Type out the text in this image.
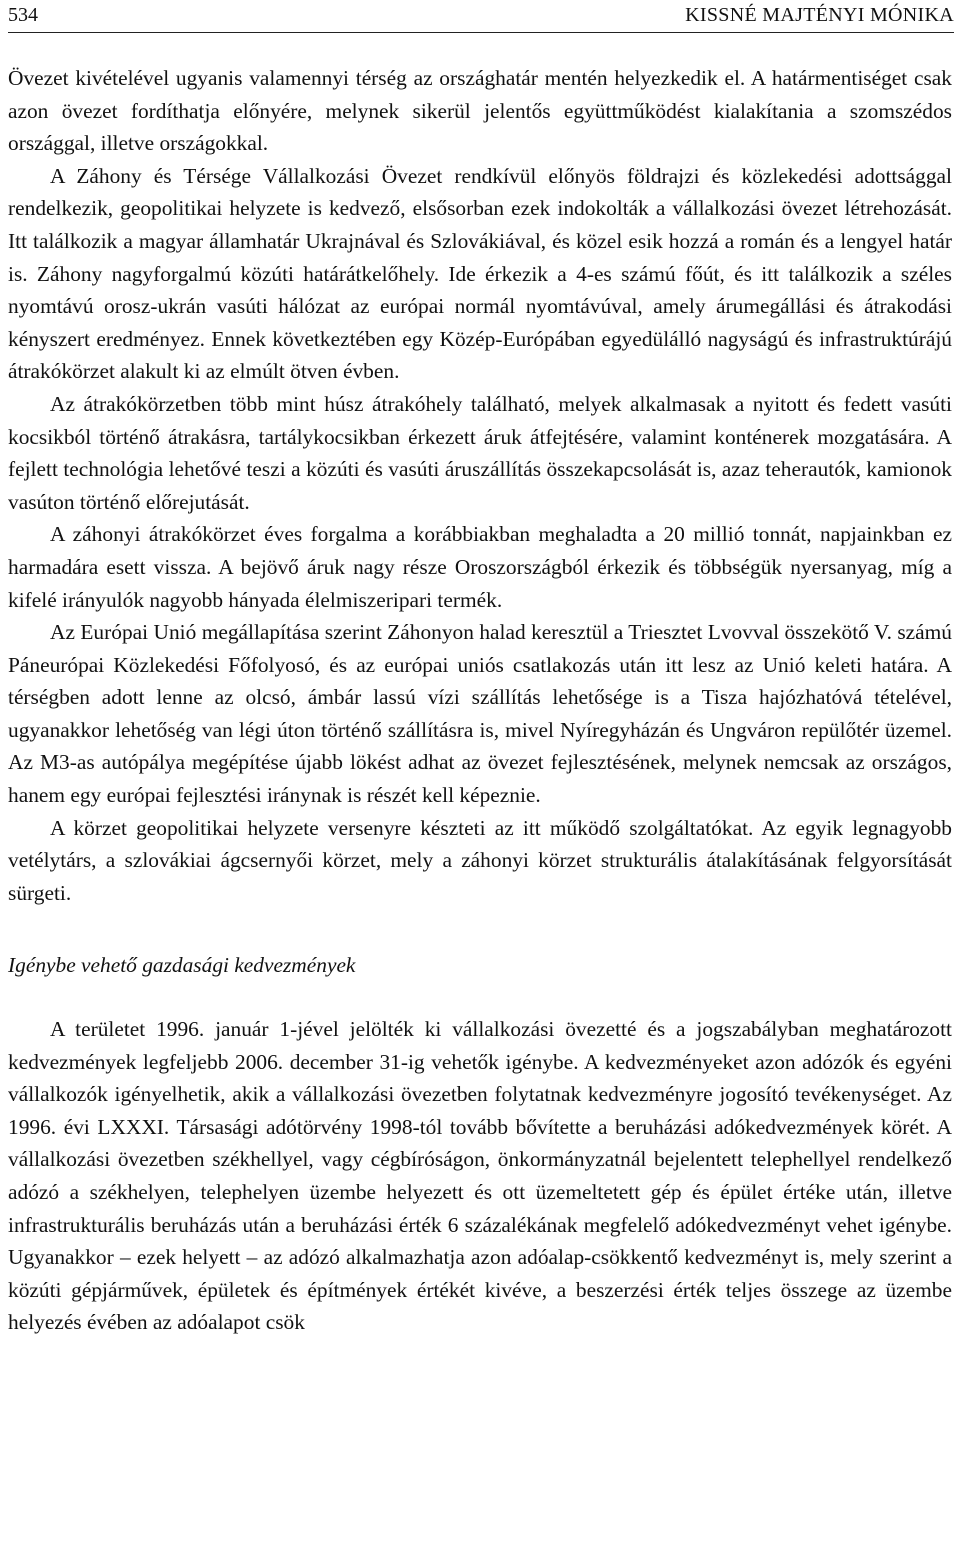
534	KISSNÉ MAJTÉNYI MÓNIKA

Övezet kivételével ugyanis valamennyi térség az országhatár mentén helyezkedik el. A határmentiséget csak azon övezet fordíthatja előnyére, melynek sikerül jelentős együttműködést kialakítania a szomszédos országgal, illetve országokkal.

A Záhony és Térsége Vállalkozási Övezet rendkívül előnyös földrajzi és közlekedési adottsággal rendelkezik, geopolitikai helyzete is kedvező, elsősorban ezek indokolták a vállalkozási övezet létrehozását. Itt találkozik a magyar államhatár Ukrajnával és Szlovákiával, és közel esik hozzá a román és a lengyel határ is. Záhony nagyforgalmú közúti határátkelőhely. Ide érkezik a 4-es számú főút, és itt találkozik a széles nyomtávú orosz-ukrán vasúti hálózat az európai normál nyomtávúval, amely árumegállási és átrakodási kényszert eredményez. Ennek következtében egy Közép-Európában egyedülálló nagyságú és infrastruktúrájú átrakókörzet alakult ki az elmúlt ötven évben.

Az átrakókörzetben több mint húsz átrakóhely található, melyek alkalmasak a nyitott és fedett vasúti kocsikból történő átrakásra, tartálykocsikban érkezett áruk átfejtésére, valamint konténerek mozgatására. A fejlett technológia lehetővé teszi a közúti és vasúti áruszállítás összekapcsolását is, azaz teherautók, kamionok vasúton történő előrejutását.

A záhonyi átrakókörzet éves forgalma a korábbiakban meghaladta a 20 millió tonnát, napjainkban ez harmadára esett vissza. A bejövő áruk nagy része Oroszországból érkezik és többségük nyersanyag, míg a kifelé irányulók nagyobb hányada élelmiszeripari termék.

Az Európai Unió megállapítása szerint Záhonyon halad keresztül a Triesztet Lvovval összekötő V. számú Páneurópai Közlekedési Főfolyosó, és az európai uniós csatlakozás után itt lesz az Unió keleti határa. A térségben adott lenne az olcsó, ámbár lassú vízi szállítás lehetősége is a Tisza hajózhatóvá tételével, ugyanakkor lehetőség van légi úton történő szállításra is, mivel Nyíregyházán és Ungváron repülőtér üzemel. Az M3-as autópálya megépítése újabb lökést adhat az övezet fejlesztésének, melynek nemcsak az országos, hanem egy európai fejlesztési iránynak is részét kell képeznie.

A körzet geopolitikai helyzete versenyre készteti az itt működő szolgáltatókat. Az egyik legnagyobb vetélytárs, a szlovákiai ágcsernyői körzet, mely a záhonyi körzet strukturális átalakításának felgyorsítását sürgeti.

Igénybe vehető gazdasági kedvezmények

A területet 1996. január 1-jével jelölték ki vállalkozási övezetté és a jogszabályban meghatározott kedvezmények legfeljebb 2006. december 31-ig vehetők igénybe. A kedvezményeket azon adózók és egyéni vállalkozók igényelhetik, akik a vállalkozási övezetben folytatnak kedvezményre jogosító tevékenységet. Az 1996. évi LXXXI. Társasági adótörvény 1998-tól tovább bővítette a beruházási adókedvezmények körét. A vállalkozási övezetben székhellyel, vagy cégbíróságon, önkormányzatnál bejelentett telephellyel rendelkező adózó a székhelyen, telephelyen üzembe helyezett és ott üzemeltetett gép és épület értéke után, illetve infrastrukturális beruházás után a beruházási érték 6 százalékának megfelelő adókedvezményt vehet igénybe. Ugyanakkor – ezek helyett – az adózó alkalmazhatja azon adóalap-csökkentő kedvezményt is, mely szerint a közúti gépjárművek, épületek és építmények értékét kivéve, a beszerzési érték teljes összege az üzembe helyezés évében az adóalapot csök
